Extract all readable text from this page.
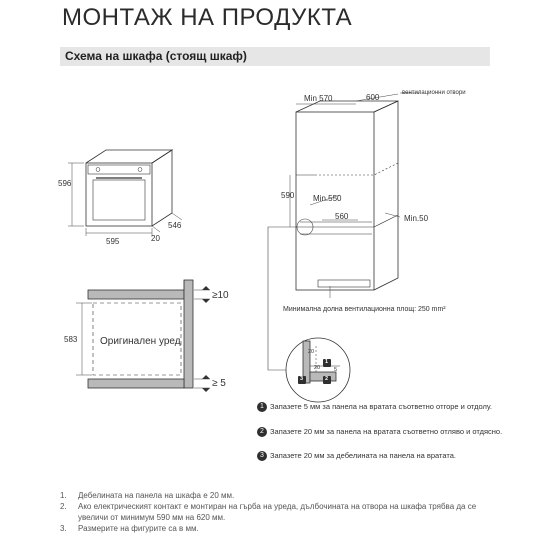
МОНТАЖ НА ПРОДУКТА
Схема на шкафа (стоящ шкаф)
596
595
546
20
Min 570	600	вентилационни отвори
590 Min.550
560	Min.50
Минимална долна вентилационна площ: 250 mm²
≥10
583
≥ 5
Оригинален уред
20
20	5
1
2
3
1 Запазете 5 мм за панела на вратата съответно отгоре и отдолу.
2 Запазете 20 мм за панела на вратата съответно отляво и отдясно.
3 Запазете 20 мм за дебелината на панела на вратата.
1.	Дебелината на панела на шкафа е 20 мм.
2.	Ако електрическият контакт е монтиран на гърба на уреда, дълбочината на отвора на шкафа трябва да се увеличи от минимум 590 мм на 620 мм.
3.	Размерите на фигурите са в мм.
